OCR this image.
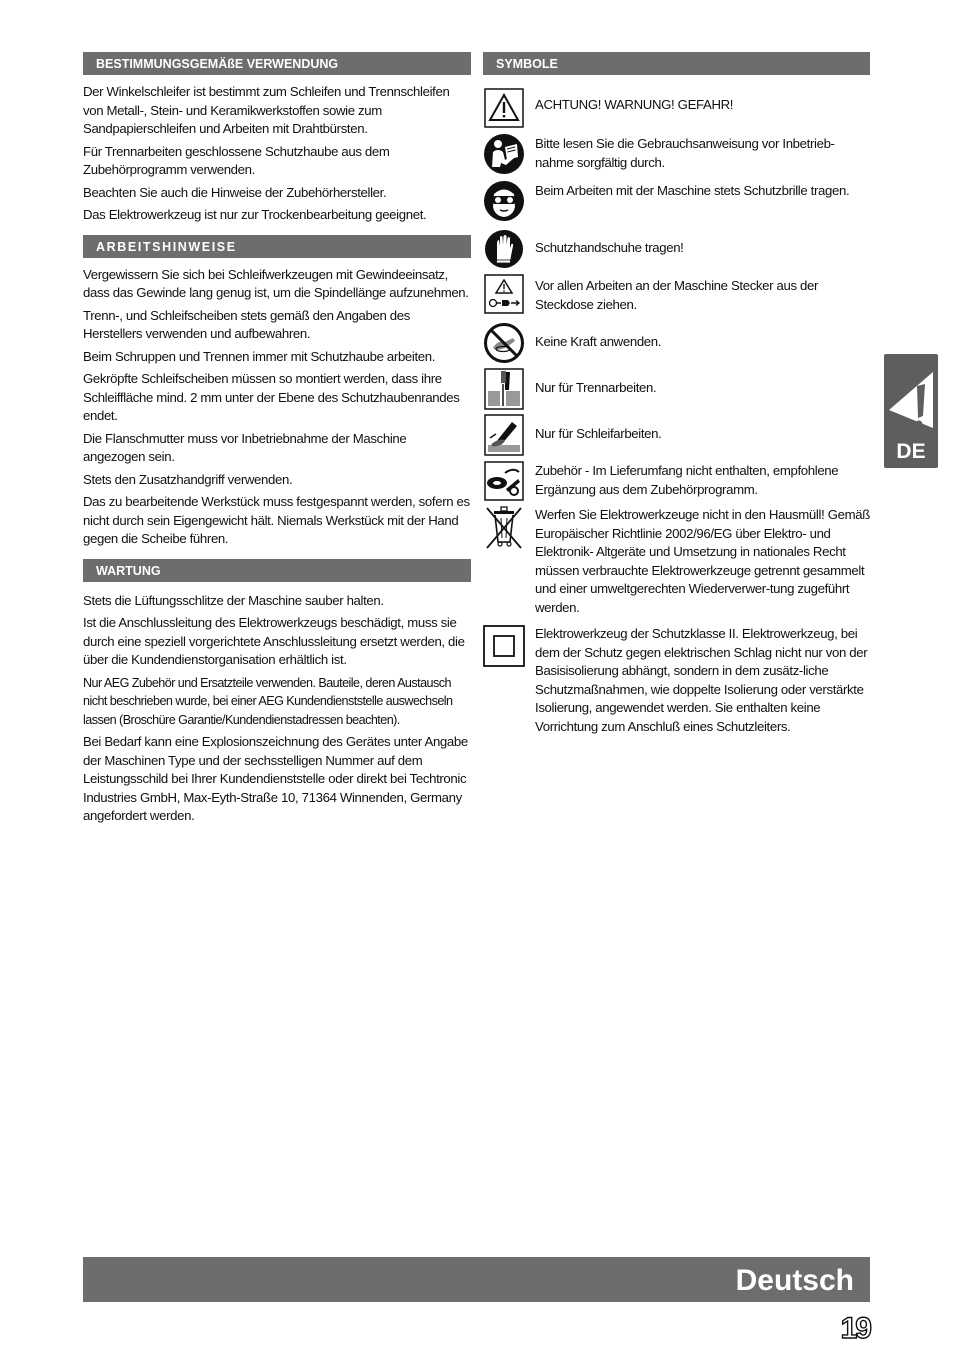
BESTIMMUNGSGEMÄßE VERWENDUNG

Der Winkelschleifer ist bestimmt zum Schleifen und Trennschleifen von Metall-, Stein- und Keramikwerkstoffen sowie zum Sandpapierschleifen und Arbeiten mit Drahtbürsten.

Für Trennarbeiten geschlossene Schutzhaube aus dem Zubehörprogramm verwenden.

Beachten Sie auch die Hinweise der Zubehörhersteller.

Das Elektrowerkzeug ist nur zur Trockenbearbeitung geeignet.

ARBEITSHINWEISE

Vergewissern Sie sich bei Schleifwerkzeugen mit Gewindeeinsatz, dass das Gewinde lang genug ist, um die Spindellänge aufzunehmen.

Trenn-, und Schleifscheiben stets gemäß den Angaben des Herstellers verwenden und aufbewahren.

Beim Schruppen und Trennen immer mit Schutzhaube arbeiten.

Gekröpfte Schleifscheiben müssen so montiert werden, dass ihre Schleiffläche mind. 2 mm unter der Ebene des Schutzhaubenrandes endet.

Die Flanschmutter muss vor Inbetriebnahme der Maschine angezogen sein.

Stets den Zusatzhandgriff verwenden.

Das zu bearbeitende Werkstück muss festgespannt werden, sofern es nicht durch sein Eigengewicht hält. Niemals Werkstück mit der Hand gegen die Scheibe führen.

WARTUNG

Stets die Lüftungsschlitze der Maschine sauber halten.

Ist die Anschlussleitung des Elektrowerkzeugs beschädigt, muss sie durch eine speziell vorgerichtete Anschlussleitung ersetzt werden, die über die Kundendienstorganisation erhältlich ist.

Nur AEG Zubehör und Ersatzteile verwenden. Bauteile, deren Austausch nicht beschrieben wurde, bei einer AEG Kundendienststelle auswechseln lassen (Broschüre Garantie/Kundendienstadressen beachten).

Bei Bedarf kann eine Explosionszeichnung des Gerätes unter Angabe der Maschinen Type und der sechsstelligen Nummer auf dem Leistungsschild bei Ihrer Kundendienststelle oder direkt bei Techtronic Industries GmbH, Max-Eyth-Straße 10, 71364 Winnenden, Germany angefordert werden.

SYMBOLE
ACHTUNG! WARNUNG! GEFAHR!
Bitte lesen Sie die Gebrauchsanweisung vor Inbetrieb-nahme sorgfältig durch.
Beim Arbeiten mit der Maschine stets Schutzbrille tragen.
Schutzhandschuhe tragen!
Vor allen Arbeiten an der Maschine Stecker aus der Steckdose ziehen.
Keine Kraft anwenden.
Nur für Trennarbeiten.
Nur für Schleifarbeiten.
Zubehör - Im Lieferumfang nicht enthalten, empfohlene Ergänzung aus dem Zubehörprogramm.
Werfen Sie Elektrowerkzeuge nicht in den Hausmüll! Gemäß Europäischer Richtlinie 2002/96/EG über Elektro- und Elektronik- Altgeräte und Umsetzung in nationales Recht müssen verbrauchte Elektrowerkzeuge getrennt gesammelt und einer umweltgerechten Wiederverwer-tung zugeführt werden.
Elektrowerkzeug der Schutzklasse II. Elektrowerkzeug, bei dem der Schutz gegen elektrischen Schlag nicht nur von der Basisisolierung abhängt, sondern in dem zusätz-liche Schutzmaßnahmen, wie doppelte Isolierung oder verstärkte Isolierung, angewendet werden. Sie enthalten keine Vorrichtung zum Anschluß eines Schutzleiters.
DE
Deutsch
19
